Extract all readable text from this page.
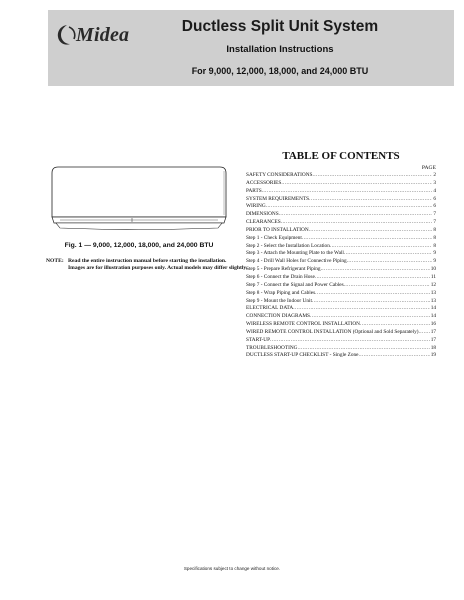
Midea	Ductless Split Unit System
Installation Instructions
For 9,000, 12,000, 18,000, and 24,000 BTU
Fig. 1 — 9,000, 12,000, 18,000, and 24,000 BTU
NOTE: Read the entire instruction manual before starting the installation.
Images are for illustration purposes only. Actual models may differ slightly.
TABLE OF CONTENTS
PAGE
SAFETY CONSIDERATIONS .....	2
ACCESSORIES .....	3
PARTS .....	4
SYSTEM REQUIREMENTS .....	6
WIRING .....	6
DIMENSIONS .....	7
CLEARANCES .....	7
PRIOR TO INSTALLATION .....	8
Step 1 - Check Equipment .....	8
Step 2 - Select the Installation Location .....	8
Step 3 - Attach the Mounting Plate to the Wall .....	9
Step 4 - Drill Wall Holes for Connective Piping .....	9
Step 5 - Prepare Refrigerant Piping .....	10
Step 6 - Connect the Drain Hose .....	11
Step 7 - Connect the Signal and Power Cables .....	12
Step 8 - Wrap Piping and Cables .....	13
Step 9 - Mount the Indoor Unit .....	13
ELECTRICAL DATA .....	14
CONNECTION DIAGRAMS .....	14
WIRELESS REMOTE CONTROL INSTALLATION .....	16
WIRED REMOTE CONTROL INSTALLATION (Optional and Sold Separately) ..... 17
START-UP .....	17
TROUBLESHOOTING .....	18
DUCTLESS START-UP CHECKLIST - Single Zone .....	19
Specifications subject to change without notice.
